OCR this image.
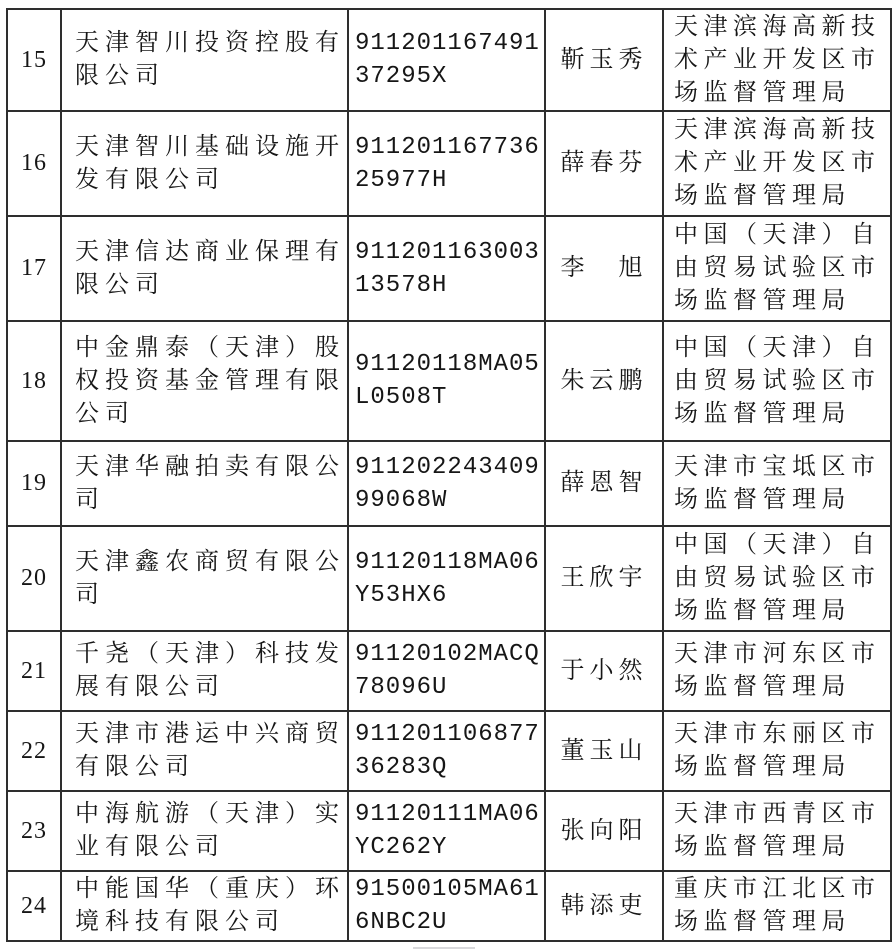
15	天津智川投资控股有限公司	91120116749137295X	靳玉秀	天津滨海高新技术产业开发区市场监督管理局
16	天津智川基础设施开发有限公司	91120116773625977H	薛春芬	天津滨海高新技术产业开发区市场监督管理局
17	天津信达商业保理有限公司	91120116300313578H	李　旭	中国（天津）自由贸易试验区市场监督管理局
18	中金鼎泰（天津）股权投资基金管理有限公司	91120118MA05L0508T	朱云鹏	中国（天津）自由贸易试验区市场监督管理局
19	天津华融拍卖有限公司	91120224340999068W	薛恩智	天津市宝坻区市场监督管理局
20	天津鑫农商贸有限公司	91120118MA06Y53HX6	王欣宇	中国（天津）自由贸易试验区市场监督管理局
21	千尧（天津）科技发展有限公司	91120102MACQ78096U	于小然	天津市河东区市场监督管理局
22	天津市港运中兴商贸有限公司	91120110687736283Q	董玉山	天津市东丽区市场监督管理局
23	中海航游（天津）实业有限公司	91120111MA06YC262Y	张向阳	天津市西青区市场监督管理局
24	中能国华（重庆）环境科技有限公司	91500105MA616NBC2U	韩添吏	重庆市江北区市场监督管理局
